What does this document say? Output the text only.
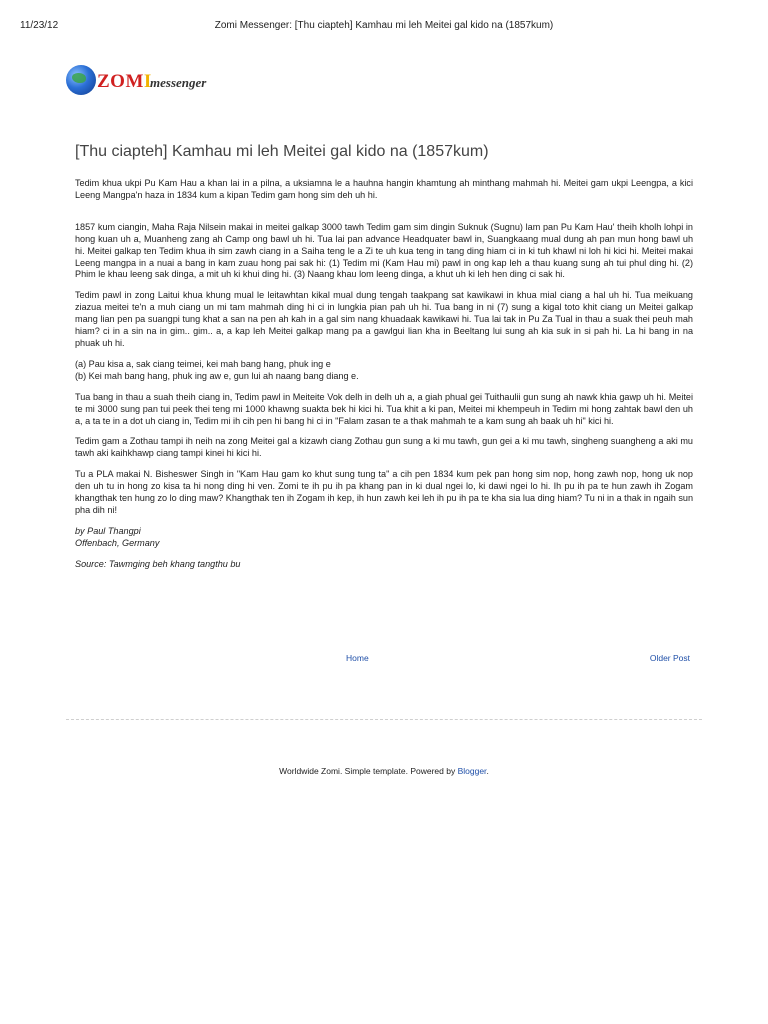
11/23/12	Zomi Messenger: [Thu ciapteh] Kamhau mi leh Meitei gal kido na (1857kum)
ZOMI
messenger
[Thu ciapteh] Kamhau mi leh Meitei gal kido na (1857kum)

Tedim khua ukpi Pu Kam Hau a khan lai in a pilna, a uksiamna le a hauhna hangin khamtung ah minthang mahmah hi. Meitei gam ukpi Leengpa, a kici Leeng Mangpa'n haza in 1834 kum a kipan Tedim gam hong sim deh uh hi.

1857 kum ciangin, Maha Raja Nilsein makai in meitei galkap 3000 tawh Tedim gam sim dingin Suknuk (Sugnu) lam pan Pu Kam Hau' theih kholh lohpi in hong kuan uh a, Muanheng zang ah Camp ong bawl uh hi. Tua lai pan advance Headquater bawl in, Suangkaang mual dung ah pan mun hong bawl uh hi. Meitei galkap ten Tedim khua ih sim zawh ciang in a Saiha teng le a Zi te uh kua teng in tang ding hiam ci in ki tuh khawl ni loh hi kici hi. Meitei makai Leeng mangpa in a nuai a bang in kam zuau hong pai sak hi: (1) Tedim mi (Kam Hau mi) pawl in ong kap leh a thau kuang sung ah tui phul ding hi. (2) Phim le khau leeng sak dinga, a mit uh ki khui ding hi. (3) Naang khau lom leeng dinga, a khut uh ki leh hen ding ci sak hi.

Tedim pawl in zong Laitui khua khung mual le leitawhtan kikal mual dung tengah taakpang sat kawikawi in khua mial ciang a hal uh hi. Tua meikuang ziazua meitei te'n a muh ciang un mi tam mahmah ding hi ci in lungkia pian pah uh hi. Tua bang in ni (7) sung a kigal toto khit ciang un Meitei galkap mang lian pen pa suangpi tung khat a san na pen ah kah in a gal sim nang khuadaak kawikawi hi. Tua lai tak in Pu Za Tual in thau a suak thei peuh mah hiam? ci in a sin na in gim.. gim.. a, a kap leh Meitei galkap mang pa a gawlgui lian kha in Beeltang lui sung ah kia suk in si pah hi. La hi bang in na phuak uh hi.

(a) Pau kisa a, sak ciang teimei, kei mah bang hang, phuk ing e

(b) Kei mah bang hang, phuk ing aw e, gun lui ah naang bang diang e.

Tua bang in thau a suah theih ciang in, Tedim pawl in Meiteite Vok delh in delh uh a, a giah phual gei Tuithaulii gun sung ah nawk khia gawp uh hi. Meitei te mi 3000 sung pan tui peek thei teng mi 1000 khawng suakta bek hi kici hi. Tua khit a ki pan, Meitei mi khempeuh in Tedim mi hong zahtak bawl den uh a, a ta te in a dot uh ciang in, Tedim mi ih cih pen hi bang hi ci in "Falam zasan te a thak mahmah te a kam sung ah baak uh hi" kici hi.

Tedim gam a Zothau tampi ih neih na zong Meitei gal a kizawh ciang Zothau gun sung a ki mu tawh, gun gei a ki mu tawh, singheng suangheng a aki mu tawh aki kaihkhawp ciang tampi kinei hi kici hi.

Tu a PLA makai N. Bisheswer Singh in "Kam Hau gam ko khut sung tung ta" a cih pen 1834 kum pek pan hong sim nop, hong zawh nop, hong uk nop den uh tu in hong zo kisa ta hi nong ding hi ven. Zomi te ih pu ih pa khang pan in ki dual ngei lo, ki dawi ngei lo hi. Ih pu ih pa te hun zawh ih Zogam khangthak ten hung zo lo ding maw? Khangthak ten ih Zogam ih kep, ih hun zawh kei leh ih pu ih pa te kha sia lua ding hiam? Tu ni in a thak in ngaih sun pha dih ni!

by Paul Thangpi

Offenbach, Germany

Source: Tawmging beh khang tangthu bu

Home	Older Post
Worldwide Zomi. Simple template. Powered by Blogger.
